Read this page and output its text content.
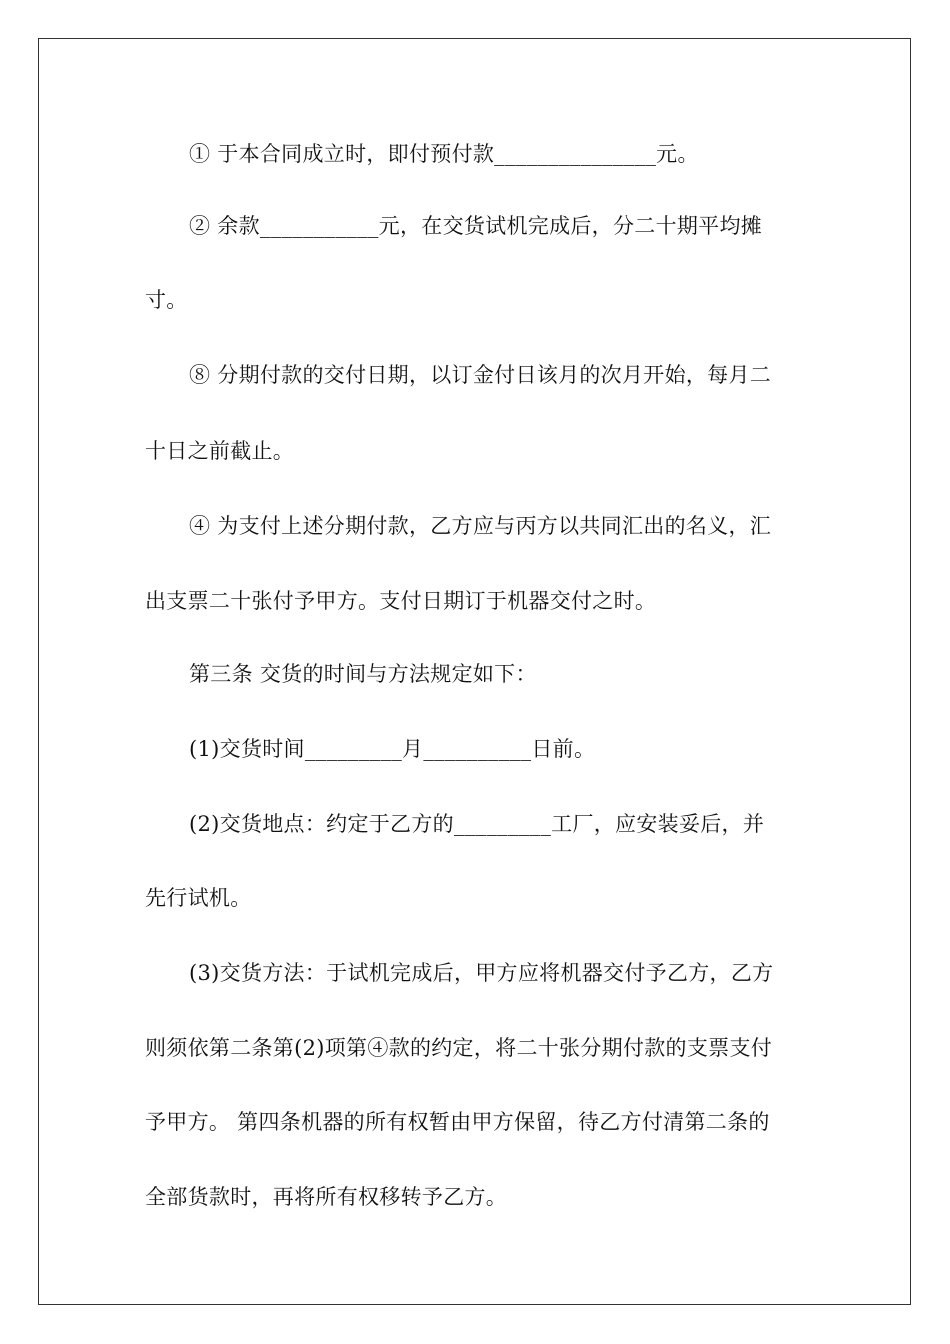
① 于本合同成立时，即付预付款_______________元。
② 余款___________元，在交货试机完成后，分二十期平均摊
寸。
⑧ 分期付款的交付日期，以订金付日该月的次月开始，每月二
十日之前截止。
④ 为支付上述分期付款，乙方应与丙方以共同汇出的名义，汇
出支票二十张付予甲方。支付日期订于机器交付之时。
第三条 交货的时间与方法规定如下：
(1)交货时间_________月__________日前。
(2)交货地点：约定于乙方的_________工厂，应安装妥后，并
先行试机。
(3)交货方法：于试机完成后，甲方应将机器交付予乙方，乙方
则须依第二条第(2)项第④款的约定，将二十张分期付款的支票支付
予甲方。 第四条机器的所有权暂由甲方保留，待乙方付清第二条的
全部货款时，再将所有权移转予乙方。
